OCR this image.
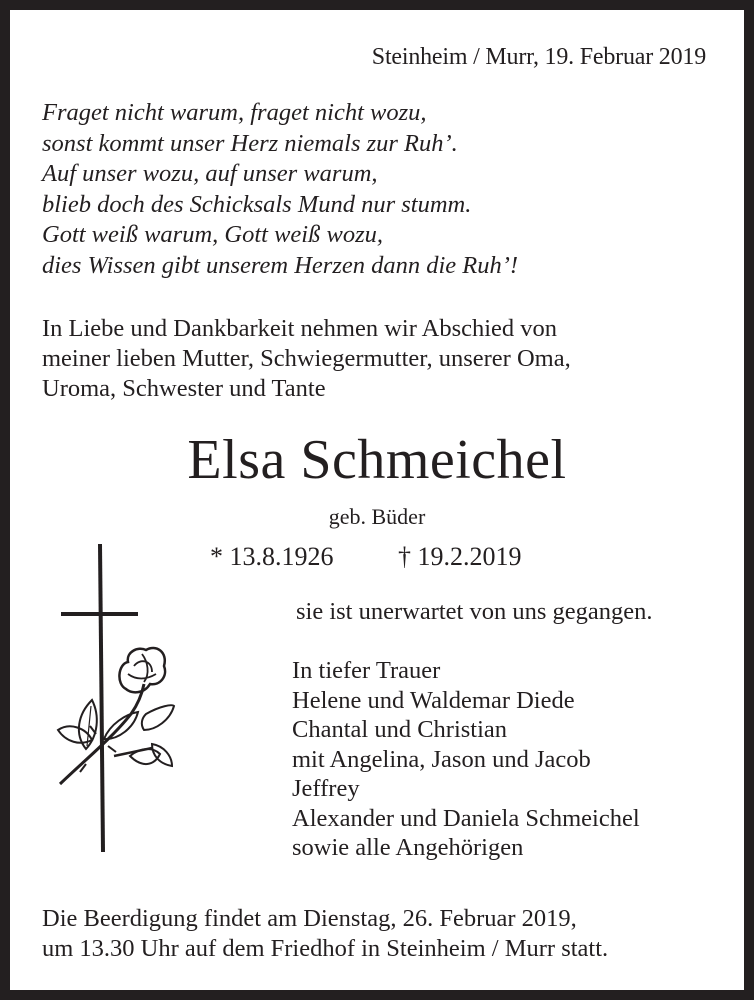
Steinheim / Murr, 19. Februar 2019
Fraget nicht warum, fraget nicht wozu,
sonst kommt unser Herz niemals zur Ruh’.
Auf unser wozu, auf unser warum,
blieb doch des Schicksals Mund nur stumm.
Gott weiß warum, Gott weiß wozu,
dies Wissen gibt unserem Herzen dann die Ruh’!
In Liebe und Dankbarkeit nehmen wir Abschied von
meiner lieben Mutter, Schwiegermutter, unserer Oma,
Uroma, Schwester und Tante
Elsa Schmeichel
geb. Büder
* 13.8.1926 † 19.2.2019
sie ist unerwartet von uns gegangen.
In tiefer Trauer
Helene und Waldemar Diede
Chantal und Christian
mit Angelina, Jason und Jacob
Jeffrey
Alexander und Daniela Schmeichel
sowie alle Angehörigen
Die Beerdigung findet am Dienstag, 26. Februar 2019,
um 13.30 Uhr auf dem Friedhof in Steinheim / Murr statt.
